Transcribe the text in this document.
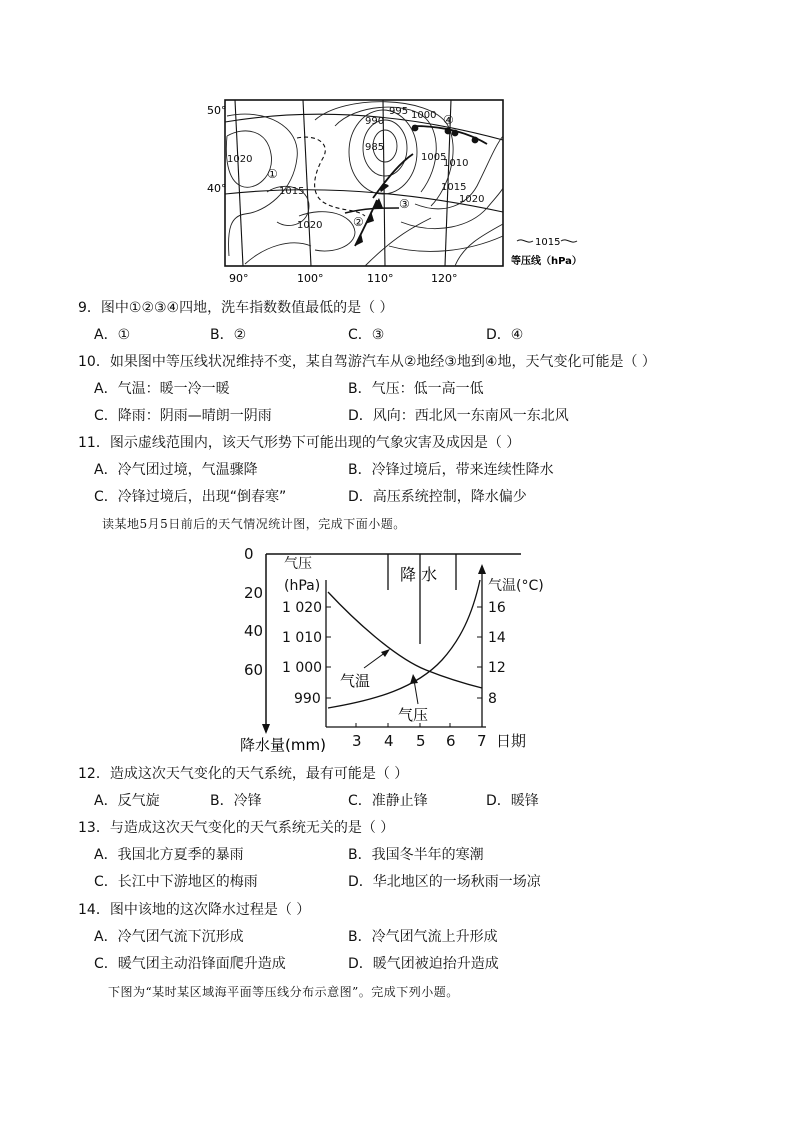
50°
40°
90°	100°	110°	120°
1020
1015
1020
990
985
995 1000
1005
1010
1015
1020
①
②
③
④
1015
等压线（hPa）
9．图中①②③④四地，洗车指数数值最低的是（ ）
A．①	B．②	C．③	D．④
10．如果图中等压线状况维持不变，某自驾游汽车从②地经③地到④地，天气变化可能是（ ）
A．气温：暖一冷一暖	B．气压：低一高一低
C．降雨：阴雨—晴朗一阴雨	D．风向：西北风一东南风一东北风
11．图示虚线范围内，该天气形势下可能出现的气象灾害及成因是（ ）
A．冷气团过境，气温骤降	B．冷锋过境后，带来连续性降水
C．冷锋过境后，出现“倒春寒”	D．高压系统控制，降水偏少
读某地5月5日前后的天气情况统计图，完成下面小题。
0
20
40
60
降水量(mm)
气压
(hPa)
1 020
1 010
1 000
990
气温(°C)
16
14
12
8
3 4 5 6 7 日期
降 水
气温
气压
12．造成这次天气变化的天气系统，最有可能是（ ）
A．反气旋	B．冷锋	C．准静止锋	D．暖锋
13．与造成这次天气变化的天气系统无关的是（ ）
A．我国北方夏季的暴雨	B．我国冬半年的寒潮
C．长江中下游地区的梅雨	D．华北地区的一场秋雨一场凉
14．图中该地的这次降水过程是（ ）
A．冷气团气流下沉形成	B．冷气团气流上升形成
C．暖气团主动沿锋面爬升造成	D．暖气团被迫抬升造成
下图为“某时某区域海平面等压线分布示意图”。完成下列小题。
